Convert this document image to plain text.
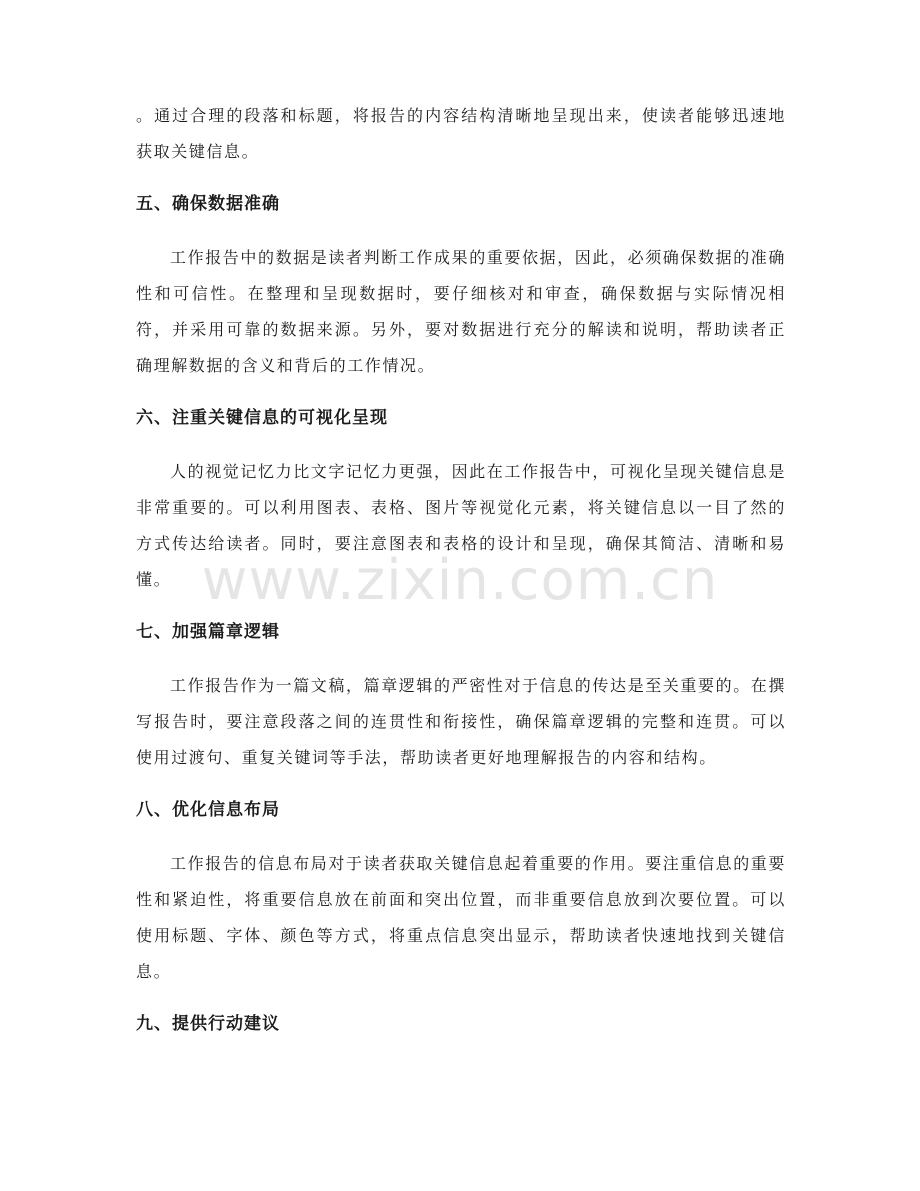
www.zixin.com.cn

。通过合理的段落和标题，将报告的内容结构清晰地呈现出来，使读者能够迅速地获取关键信息。

五、确保数据准确

工作报告中的数据是读者判断工作成果的重要依据，因此，必须确保数据的准确性和可信性。在整理和呈现数据时，要仔细核对和审查，确保数据与实际情况相符，并采用可靠的数据来源。另外，要对数据进行充分的解读和说明，帮助读者正确理解数据的含义和背后的工作情况。

六、注重关键信息的可视化呈现

人的视觉记忆力比文字记忆力更强，因此在工作报告中，可视化呈现关键信息是非常重要的。可以利用图表、表格、图片等视觉化元素，将关键信息以一目了然的方式传达给读者。同时，要注意图表和表格的设计和呈现，确保其简洁、清晰和易懂。

七、加强篇章逻辑

工作报告作为一篇文稿，篇章逻辑的严密性对于信息的传达是至关重要的。在撰写报告时，要注意段落之间的连贯性和衔接性，确保篇章逻辑的完整和连贯。可以使用过渡句、重复关键词等手法，帮助读者更好地理解报告的内容和结构。

八、优化信息布局

工作报告的信息布局对于读者获取关键信息起着重要的作用。要注重信息的重要性和紧迫性，将重要信息放在前面和突出位置，而非重要信息放到次要位置。可以使用标题、字体、颜色等方式，将重点信息突出显示，帮助读者快速地找到关键信息。

九、提供行动建议
